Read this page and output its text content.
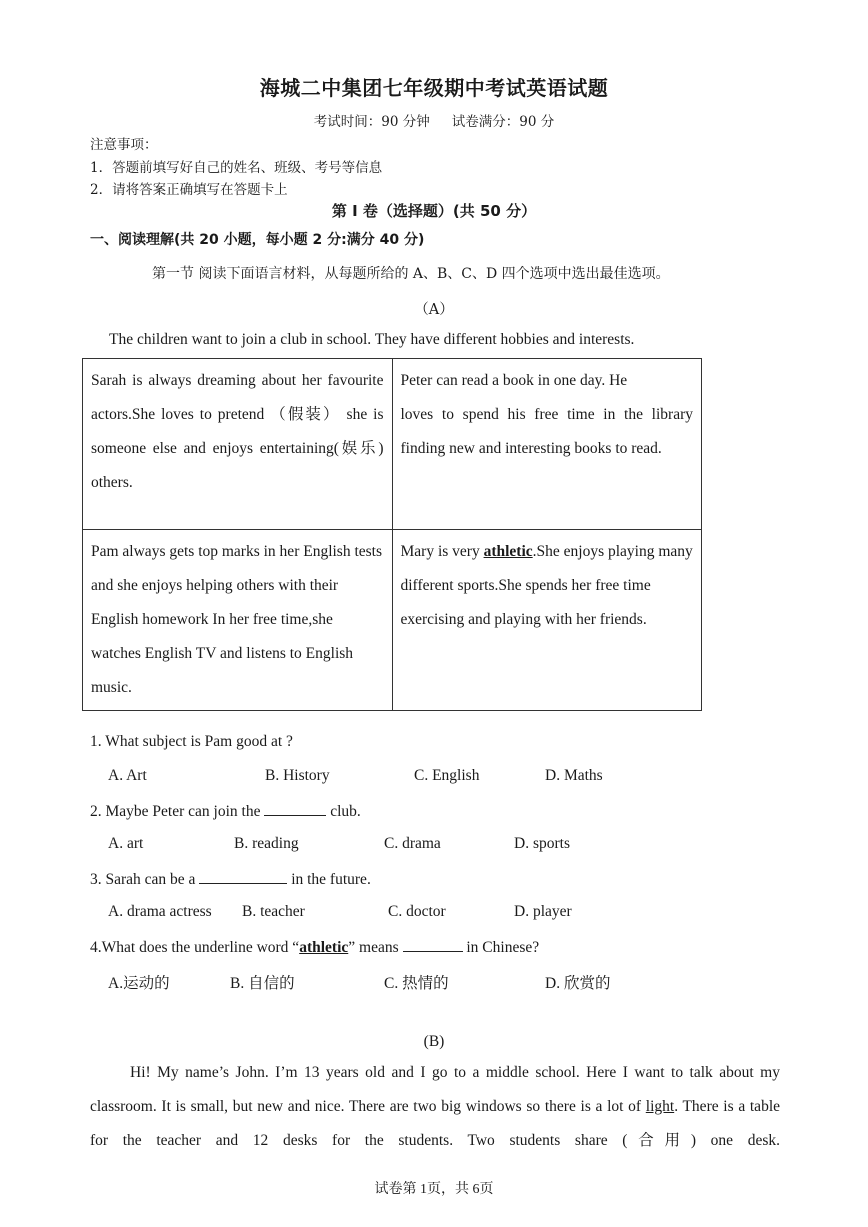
海城二中集团七年级期中考试英语试题
考试时间：90 分钟 试卷满分：90 分
注意事项：
1．答题前填写好自己的姓名、班级、考号等信息
2．请将答案正确填写在答题卡上
第 I 卷（选择题）(共 50 分）
一、阅读理解(共 20 小题，每小题 2 分:满分 40 分)
第一节 阅读下面语言材料，从每题所给的 A、B、C、D 四个选项中选出最佳选项。
（A）
The children want to join a club in school. They have different hobbies and interests.
Sarah is always dreaming about her favourite actors.She loves to pretend （假装） she is someone else and enjoys entertaining(娱乐) others.	Peter can read a book in one day. He
loves to spend his free time in the library finding new and interesting books to read.

Pam always gets top marks in her English tests and she enjoys helping others with their English homework In her free time,she watches English TV and listens to English music.	Mary is very athletic.She enjoys playing many different sports.She spends her free time exercising and playing with her friends.
1. What subject is Pam good at ?
A. Art	B. History	C. English	D. Maths
2. Maybe Peter can join the	club.
A. art	B. reading	C. drama	D. sports
3. Sarah can be a	in the future.
A. drama actress B. teacher	C. doctor	D. player
4.What does the underline word “athletic” means	in Chinese?
A.运动的	B. 自信的	C. 热情的	D. 欣赏的
(B)
Hi! My name’s John. I’m 13 years old and I go to a middle school. Here I want to talk about my classroom. It is small, but new and nice. There are two big windows so there is a lot of light. There is a table for the teacher and 12 desks for the students. Two students share (合用) one desk.
试卷第 1页，共 6页
